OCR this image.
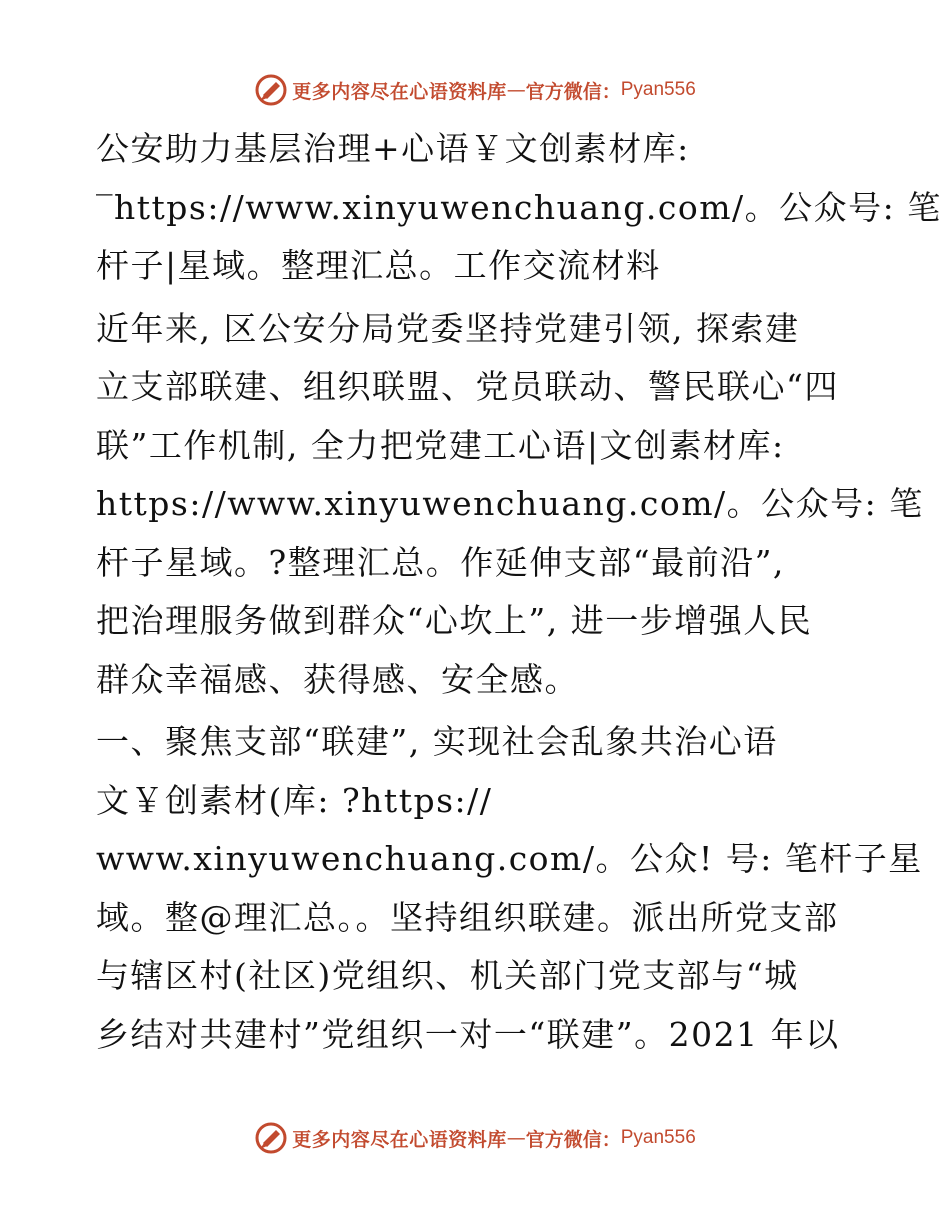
更多内容尽在心语资料库 — 官方微信： Pyan556
公安助力基层治理+心语￥文创素材库:
‾https://www.xinyuwenchuang.com/。公众号: 笔
杆子|星域。整理汇总。工作交流材料
近年来, 区公安分局党委坚持党建引领, 探索建
立支部联建、组织联盟、党员联动、警民联心“四
联”工作机制, 全力把党建工心语|文创素材库:
https://www.xinyuwenchuang.com/。公众号: 笔
杆子星域。?整理汇总。作延伸支部“最前沿”,
把治理服务做到群众“心坎上”, 进一步增强人民
群众幸福感、获得感、安全感。
一、聚焦支部“联建”, 实现社会乱象共治心语
文￥创素材(库: ?https://
www.xinyuwenchuang.com/。公众! 号: 笔杆子星
域。整@理汇总。。坚持组织联建。派出所党支部
与辖区村(社区)党组织、机关部门党支部与“城
乡结对共建村”党组织一对一“联建”。2021 年以
更多内容尽在心语资料库 — 官方微信： Pyan556
